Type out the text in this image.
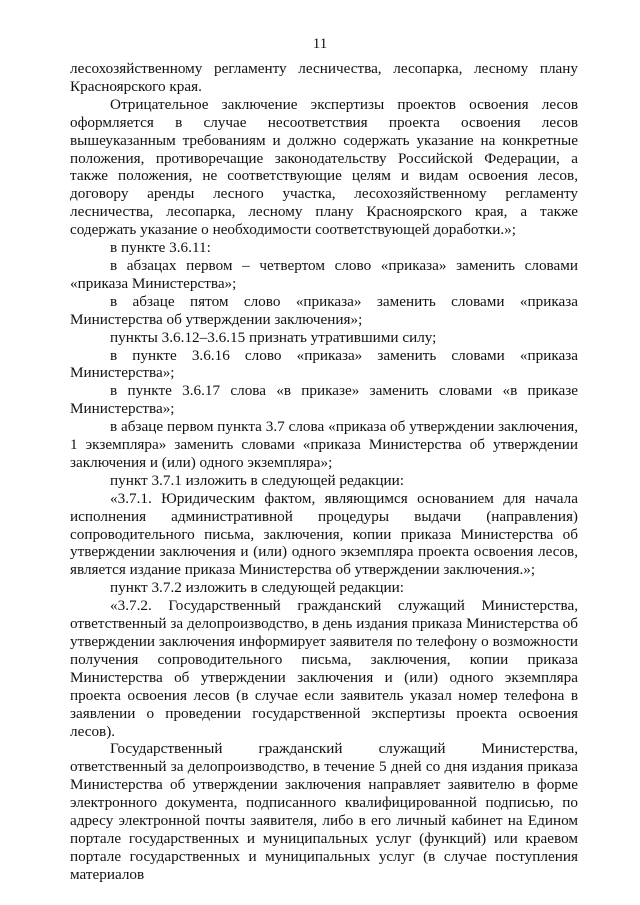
11

лесохозяйственному регламенту лесничества, лесопарка, лесному плану Красноярского края.

Отрицательное заключение экспертизы проектов освоения лесов оформляется в случае несоответствия проекта освоения лесов вышеуказанным требованиям и должно содержать указание на конкретные положения, противоречащие законодательству Российской Федерации, а также положения, не соответствующие целям и видам освоения лесов, договору аренды лесного участка, лесохозяйственному регламенту лесничества, лесопарка, лесному плану Красноярского края, а также содержать указание о необходимости соответствующей доработки.»;

в пункте 3.6.11:

в абзацах первом – четвертом слово «приказа» заменить словами «приказа Министерства»;

в абзаце пятом слово «приказа» заменить словами «приказа Министерства об утверждении заключения»;

пункты 3.6.12–3.6.15 признать утратившими силу;

в пункте 3.6.16 слово «приказа» заменить словами «приказа Министерства»;

в пункте 3.6.17 слова «в приказе» заменить словами «в приказе Министерства»;

в абзаце первом пункта 3.7 слова «приказа об утверждении заключения, 1 экземпляра» заменить словами «приказа Министерства об утверждении заключения и (или) одного экземпляра»;

пункт 3.7.1 изложить в следующей редакции:

«3.7.1. Юридическим фактом, являющимся основанием для начала исполнения административной процедуры выдачи (направления) сопроводительного письма, заключения, копии приказа Министерства об утверждении заключения и (или) одного экземпляра проекта освоения лесов, является издание приказа Министерства об утверждении заключения.»;

пункт 3.7.2 изложить в следующей редакции:

«3.7.2. Государственный гражданский служащий Министерства, ответственный за делопроизводство, в день издания приказа Министерства об утверждении заключения информирует заявителя по телефону о возможности получения сопроводительного письма, заключения, копии приказа Министерства об утверждении заключения и (или) одного экземпляра проекта освоения лесов (в случае если заявитель указал номер телефона в заявлении о проведении государственной экспертизы проекта освоения лесов).

Государственный гражданский служащий Министерства, ответственный за делопроизводство, в течение 5 дней со дня издания приказа Министерства об утверждении заключения направляет заявителю в форме электронного документа, подписанного квалифицированной подписью, по адресу электронной почты заявителя, либо в его личный кабинет на Едином портале государственных и муниципальных услуг (функций) или краевом портале государственных и муниципальных услуг (в случае поступления материалов
